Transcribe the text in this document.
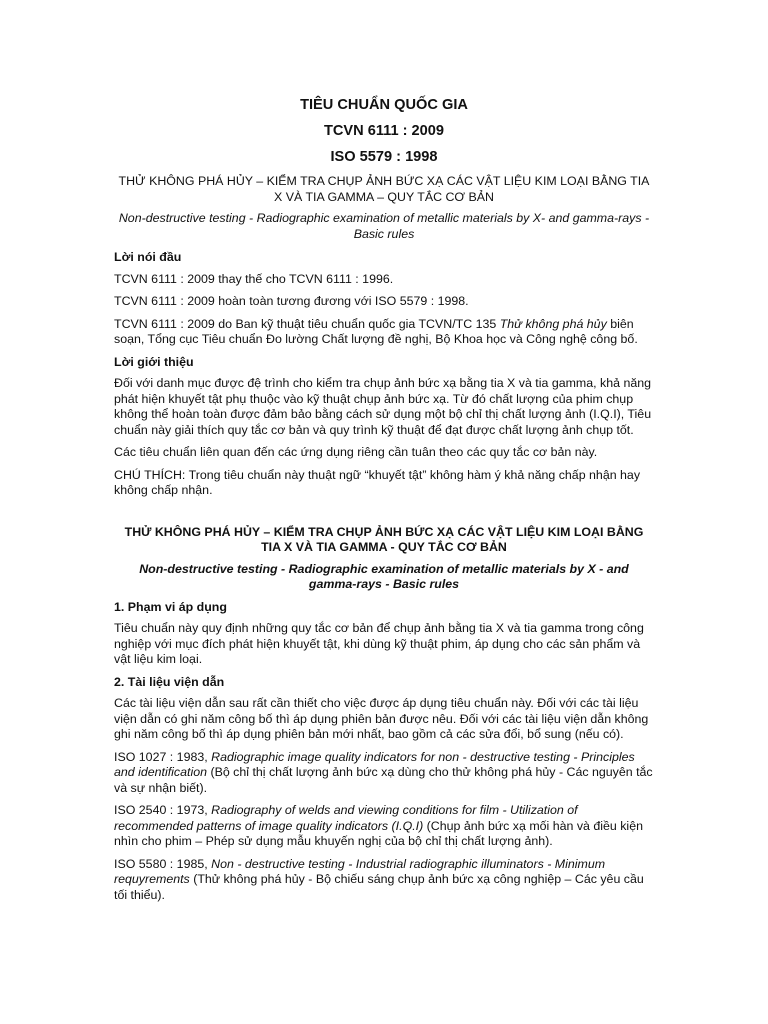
TIÊU CHUẨN QUỐC GIA
TCVN 6111 : 2009
ISO 5579 : 1998
THỬ KHÔNG PHÁ HỦY – KIỂM TRA CHỤP ẢNH BỨC XẠ CÁC VẬT LIỆU KIM LOẠI BẰNG TIA X VÀ TIA GAMMA – QUY TẮC CƠ BẢN
Non-destructive testing - Radiographic examination of metallic materials by X- and gamma-rays - Basic rules
Lời nói đầu

TCVN 6111 : 2009 thay thế cho TCVN 6111 : 1996.

TCVN 6111 : 2009 hoàn toàn tương đương với ISO 5579 : 1998.

TCVN 6111 : 2009 do Ban kỹ thuật tiêu chuẩn quốc gia TCVN/TC 135 Thử không phá hủy biên soạn, Tổng cục Tiêu chuẩn Đo lường Chất lượng đề nghị, Bộ Khoa học và Công nghệ công bố.

Lời giới thiệu

Đối với danh mục được đệ trình cho kiểm tra chụp ảnh bức xạ bằng tia X và tia gamma, khả năng phát hiện khuyết tật phụ thuộc vào kỹ thuật chụp ảnh bức xạ. Từ đó chất lượng của phim chụp không thể hoàn toàn được đảm bảo bằng cách sử dụng một bộ chỉ thị chất lượng ảnh (I.Q.I), Tiêu chuẩn này giải thích quy tắc cơ bản và quy trình kỹ thuật để đạt được chất lượng ảnh chụp tốt.

Các tiêu chuẩn liên quan đến các ứng dụng riêng cần tuân theo các quy tắc cơ bản này.

CHÚ THÍCH: Trong tiêu chuẩn này thuật ngữ “khuyết tật” không hàm ý khả năng chấp nhận hay không chấp nhận.

THỬ KHÔNG PHÁ HỦY – KIỂM TRA CHỤP ẢNH BỨC XẠ CÁC VẬT LIỆU KIM LOẠI BẰNG TIA X VÀ TIA GAMMA - QUY TẮC CƠ BẢN
Non-destructive testing - Radiographic examination of metallic materials by X - and gamma-rays - Basic rules
1. Phạm vi áp dụng

Tiêu chuẩn này quy định những quy tắc cơ bản để chụp ảnh bằng tia X và tia gamma trong công nghiệp với mục đích phát hiện khuyết tật, khi dùng kỹ thuật phim, áp dụng cho các sản phẩm và vật liệu kim loại.

2. Tài liệu viện dẫn

Các tài liệu viện dẫn sau rất cần thiết cho việc được áp dụng tiêu chuẩn này. Đối với các tài liệu viện dẫn có ghi năm công bố thì áp dụng phiên bản được nêu. Đối với các tài liệu viện dẫn không ghi năm công bố thì áp dụng phiên bản mới nhất, bao gồm cả các sửa đổi, bổ sung (nếu có).

ISO 1027 : 1983, Radiographic image quality indicators for non - destructive testing - Principles and identification (Bộ chỉ thị chất lượng ảnh bức xạ dùng cho thử không phá hủy - Các nguyên tắc và sự nhận biết).

ISO 2540 : 1973, Radiography of welds and viewing conditions for film - Utilization of recommended patterns of image quality indicators (I.Q.I) (Chụp ảnh bức xạ mối hàn và điều kiện nhìn cho phim – Phép sử dụng mẫu khuyến nghị của bộ chỉ thị chất lượng ảnh).

ISO 5580 : 1985, Non - destructive testing - Industrial radiographic illuminators - Minimum requyrements (Thử không phá hủy - Bộ chiếu sáng chụp ảnh bức xạ công nghiệp – Các yêu cầu tối thiểu).
